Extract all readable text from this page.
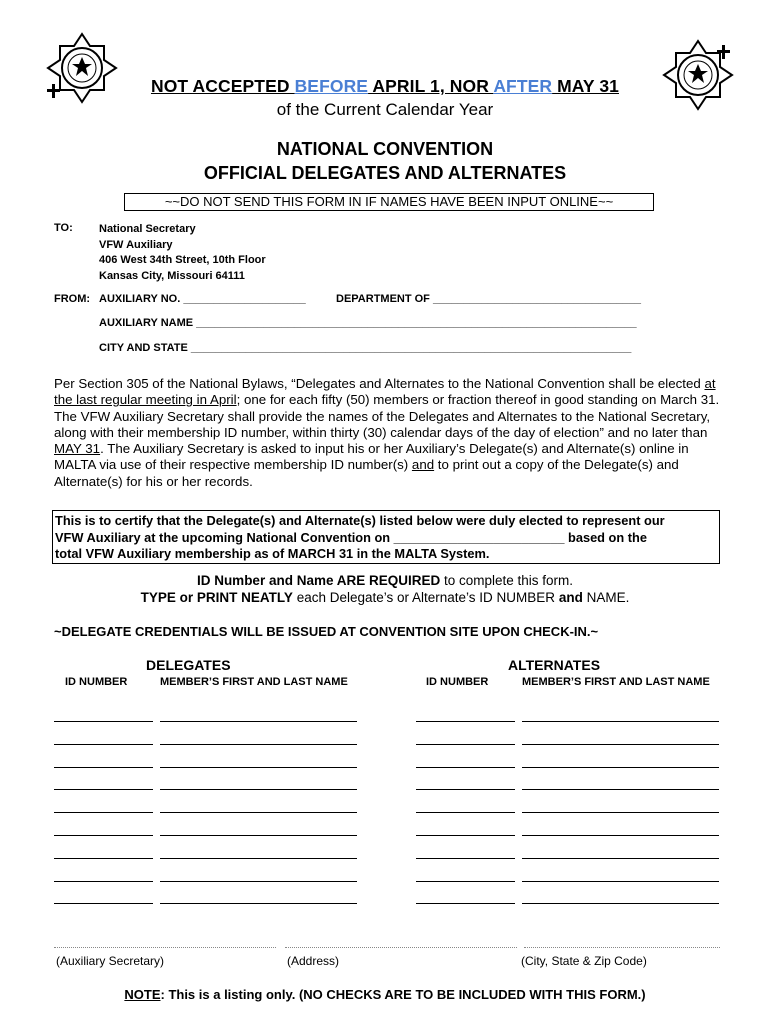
NOT ACCEPTED BEFORE APRIL 1, NOR AFTER MAY 31
of the Current Calendar Year
NATIONAL CONVENTION
OFFICIAL DELEGATES AND ALTERNATES
~~DO NOT SEND THIS FORM IN IF NAMES HAVE BEEN INPUT ONLINE~~
TO: National Secretary
VFW Auxiliary
406 West 34th Street, 10th Floor
Kansas City, Missouri 64111
FROM: AUXILIARY NO. ____________________	DEPARTMENT OF __________________________________
AUXILIARY NAME ________________________________________________________________________
CITY AND STATE ________________________________________________________________________
Per Section 305 of the National Bylaws, “Delegates and Alternates to the National Convention shall be elected at the last regular meeting in April; one for each fifty (50) members or fraction thereof in good standing on March 31. The VFW Auxiliary Secretary shall provide the names of the Delegates and Alternates to the National Secretary, along with their membership ID number, within thirty (30) calendar days of the day of election” and no later than MAY 31. The Auxiliary Secretary is asked to input his or her Auxiliary’s Delegate(s) and Alternate(s) online in MALTA via use of their respective membership ID number(s) and to print out a copy of the Delegate(s) and Alternate(s) for his or her records.
This is to certify that the Delegate(s) and Alternate(s) listed below were duly elected to represent our
VFW Auxiliary at the upcoming National Convention on ________________________ based on the
total VFW Auxiliary membership as of MARCH 31 in the MALTA System.
ID Number and Name ARE REQUIRED to complete this form.
TYPE or PRINT NEATLY each Delegate’s or Alternate’s ID NUMBER and NAME.
~DELEGATE CREDENTIALS WILL BE ISSUED AT CONVENTION SITE UPON CHECK-IN.~
DELEGATES	ALTERNATES
ID NUMBER	MEMBER’S FIRST AND LAST NAME	ID NUMBER	MEMBER’S FIRST AND LAST NAME
(Auxiliary Secretary)	(Address)	(City, State & Zip Code)
NOTE: This is a listing only. (NO CHECKS ARE TO BE INCLUDED WITH THIS FORM.)
